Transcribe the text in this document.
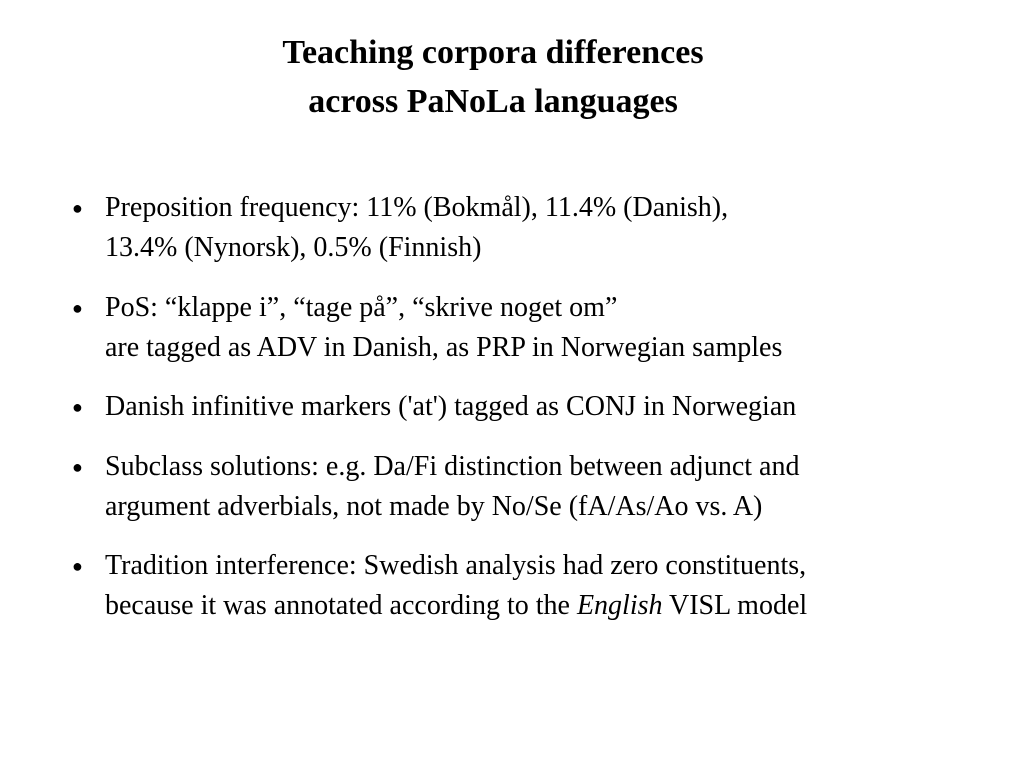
Teaching corpora differences
across PaNoLa languages
● Preposition frequency: 11% (Bokmål), 11.4% (Danish),
13.4% (Nynorsk), 0.5% (Finnish)
● PoS: “klappe i”, “tage på”, “skrive noget om”
are tagged as ADV in Danish, as PRP in Norwegian samples
● Danish infinitive markers ('at') tagged as CONJ in Norwegian
● Subclass solutions: e.g. Da/Fi distinction between adjunct and
argument adverbials, not made by No/Se (fA/As/Ao vs. A)
● Tradition interference: Swedish analysis had zero constituents,
because it was annotated according to the English VISL model
